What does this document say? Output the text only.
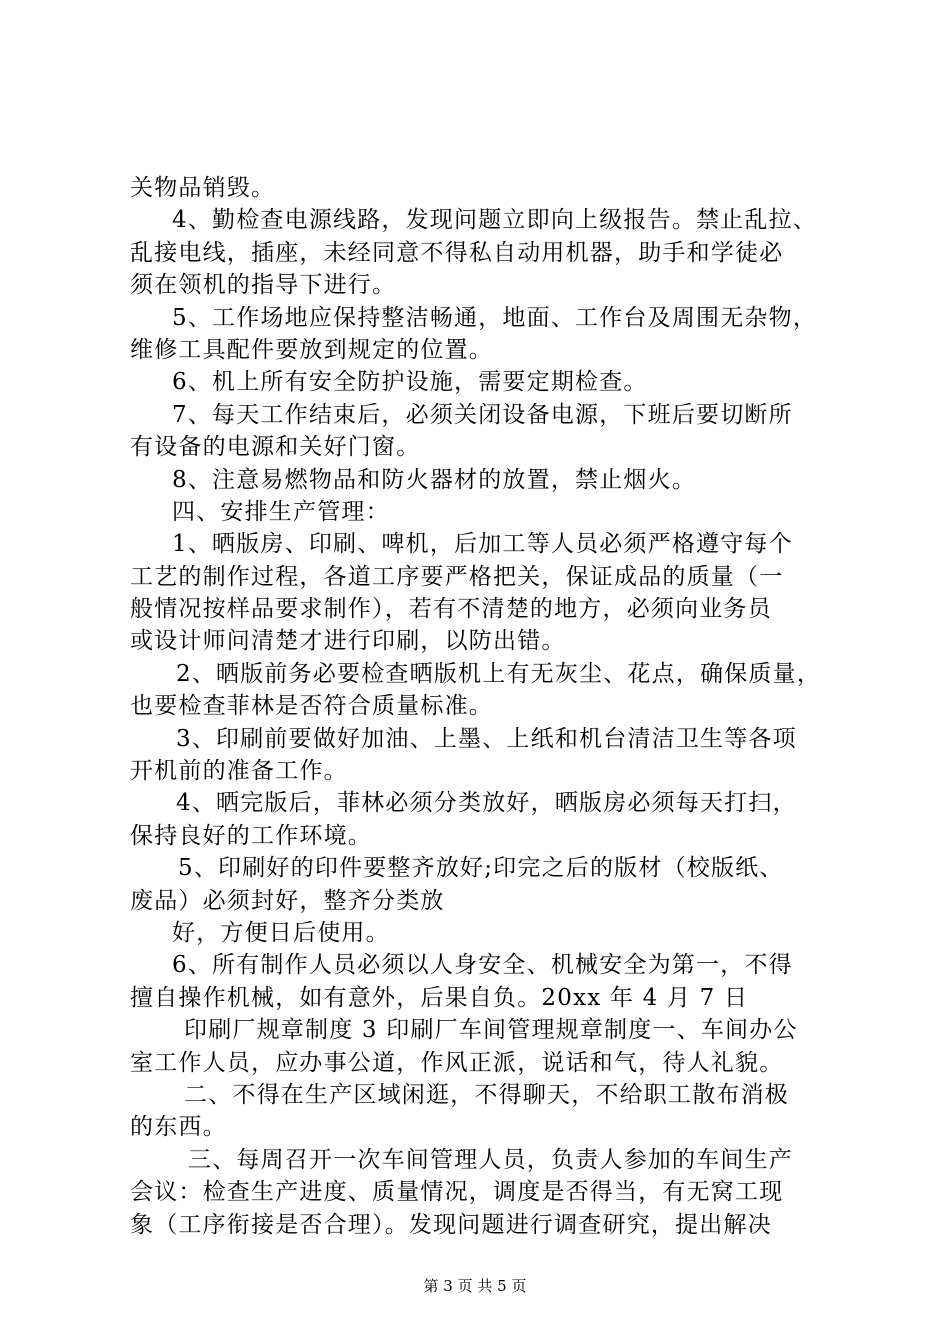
关物品销毁。
4、勤检查电源线路，发现问题立即向上级报告。禁止乱拉、
乱接电线，插座，未经同意不得私自动用机器，助手和学徒必
须在领机的指导下进行。
5、工作场地应保持整洁畅通，地面、工作台及周围无杂物，
维修工具配件要放到规定的位置。
6、机上所有安全防护设施，需要定期检查。
7、每天工作结束后，必须关闭设备电源，下班后要切断所
有设备的电源和关好门窗。
8、注意易燃物品和防火器材的放置，禁止烟火。
四、安排生产管理：
1、晒版房、印刷、啤机，后加工等人员必须严格遵守每个
工艺的制作过程，各道工序要严格把关，保证成品的质量（一
般情况按样品要求制作），若有不清楚的地方，必须向业务员
或设计师问清楚才进行印刷，以防出错。
2、晒版前务必要检查晒版机上有无灰尘、花点，确保质量，
也要检查菲林是否符合质量标准。
3、印刷前要做好加油、上墨、上纸和机台清洁卫生等各项
开机前的准备工作。
4、晒完版后，菲林必须分类放好，晒版房必须每天打扫，
保持良好的工作环境。
5、印刷好的印件要整齐放好;印完之后的版材（校版纸、
废品）必须封好，整齐分类放
好，方便日后使用。
6、所有制作人员必须以人身安全、机械安全为第一，不得
擅自操作机械，如有意外，后果自负。20xx 年 4 月 7 日
印刷厂规章制度 3 印刷厂车间管理规章制度一、车间办公
室工作人员，应办事公道，作风正派，说话和气，待人礼貌。
二、不得在生产区域闲逛，不得聊天，不给职工散布消极
的东西。
三、每周召开一次车间管理人员，负责人参加的车间生产
会议：检查生产进度、质量情况，调度是否得当，有无窝工现
象（工序衔接是否合理）。发现问题进行调查研究，提出解决
第 3 页 共 5 页
